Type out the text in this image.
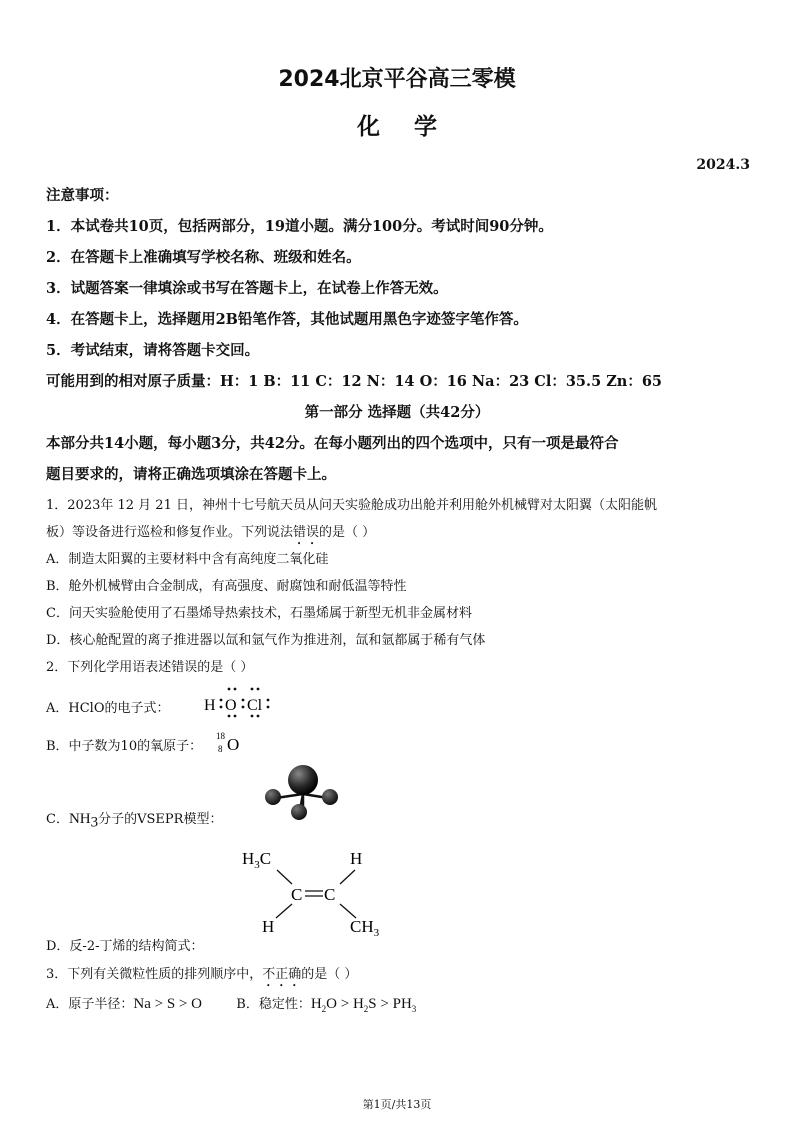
2024北京平谷高三零模
化学
2024.3
注意事项：
1．本试卷共10页，包括两部分，19道小题。满分100分。考试时间90分钟。
2．在答题卡上准确填写学校名称、班级和姓名。
3．试题答案一律填涂或书写在答题卡上，在试卷上作答无效。
4．在答题卡上，选择题用2B铅笔作答，其他试题用黑色字迹签字笔作答。
5．考试结束，请将答题卡交回。
可能用到的相对原子质量：H：1 B：11 C：12 N：14 O：16 Na：23 Cl：35.5 Zn：65
第一部分 选择题（共42分）
本部分共14小题，每小题3分，共42分。在每小题列出的四个选项中，只有一项是最符合
题目要求的，请将正确选项填涂在答题卡上。
1．2023年 12 月 21 日，神州十七号航天员从问天实验舱成功出舱并利用舱外机械臂对太阳翼（太阳能帆
板）等设备进行巡检和修复作业。下列说法错误的是（ ）
A．制造太阳翼的主要材料中含有高纯度二氧化硅
B．舱外机械臂由合金制成，有高强度、耐腐蚀和耐低温等特性
C．问天实验舱使用了石墨烯导热索技术，石墨烯属于新型无机非金属材料
D．核心舱配置的离子推进器以氙和氩气作为推进剂，氙和氩都属于稀有气体
2．下列化学用语表述错误的是（ ）
A．HClO的电子式： H O Cl
B．中子数为10的氧原子：
18
8 O
C．$NH_3$分子的VSEPR模型：
$H_3C$	H
C C
H	$CH_3$
D．反-2-丁烯的结构简式：
3．下列有关微粒性质的排列顺序中，不正确的是（ ）
A．原子半径：Na > S > O	B．稳定性：$H_2O > H_2S > PH_3$
第1页/共13页
